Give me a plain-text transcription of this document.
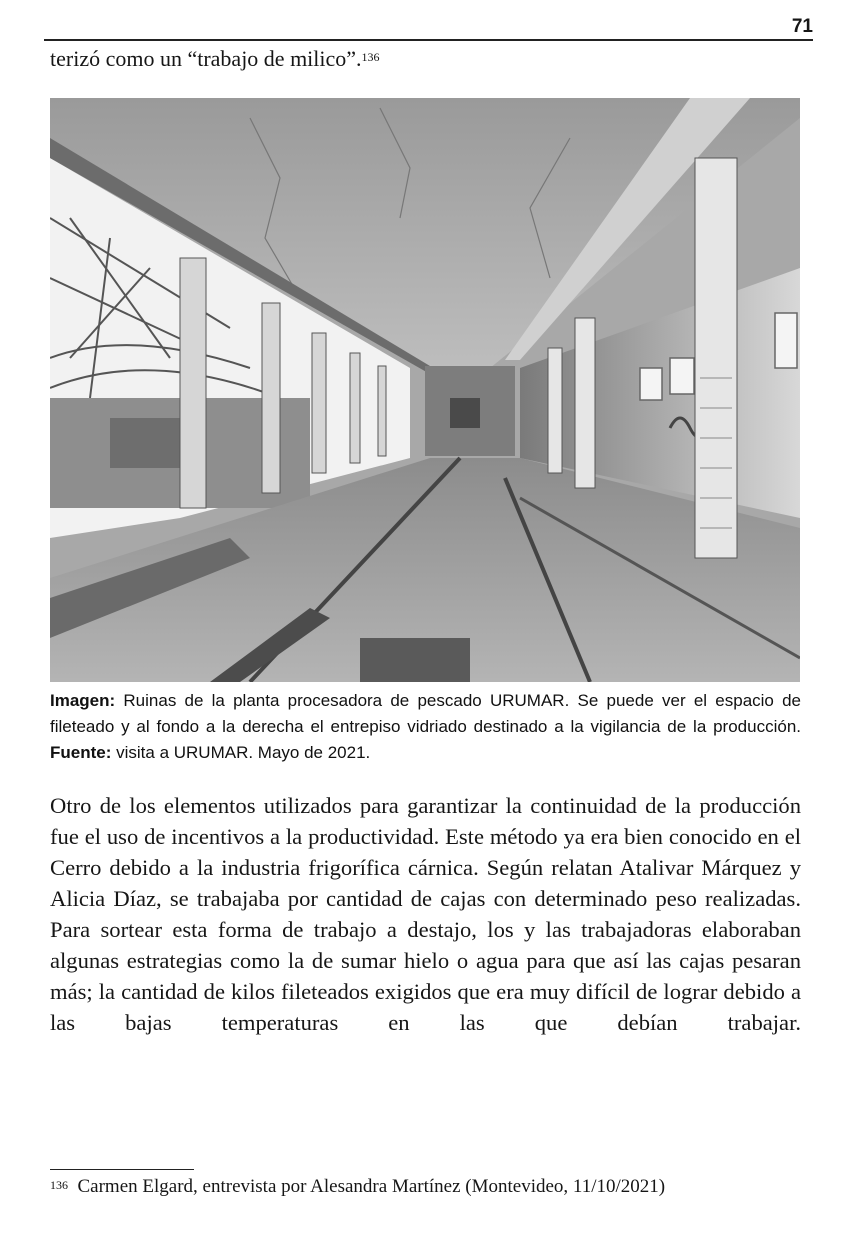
71
terizó como un “trabajo de milico”.$^{136}$
Imagen: Ruinas de la planta procesadora de pescado URUMAR. Se puede ver el espacio de fileteado y al fondo a la derecha el entrepiso vidriado destinado a la vigilancia de la producción. Fuente: visita a URUMAR. Mayo de 2021.

Otro de los elementos utilizados para garantizar la continuidad de la producción fue el uso de incentivos a la productividad. Este método ya era bien conocido en el Cerro debido a la industria frigorífica cárnica. Según relatan Atalivar Márquez y Alicia Díaz, se trabajaba por cantidad de cajas con determinado peso realizadas. Para sortear esta forma de trabajo a destajo, los y las trabajadoras elaboraban algunas estrategias como la de sumar hielo o agua para que así las cajas pesaran más; la cantidad de kilos fileteados exigidos que era muy difícil de lograr debido a las bajas temperaturas en las que debían trabajar.

$^{136}$ Carmen Elgard, entrevista por Alesandra Martínez (Montevideo, 11/10/2021)
